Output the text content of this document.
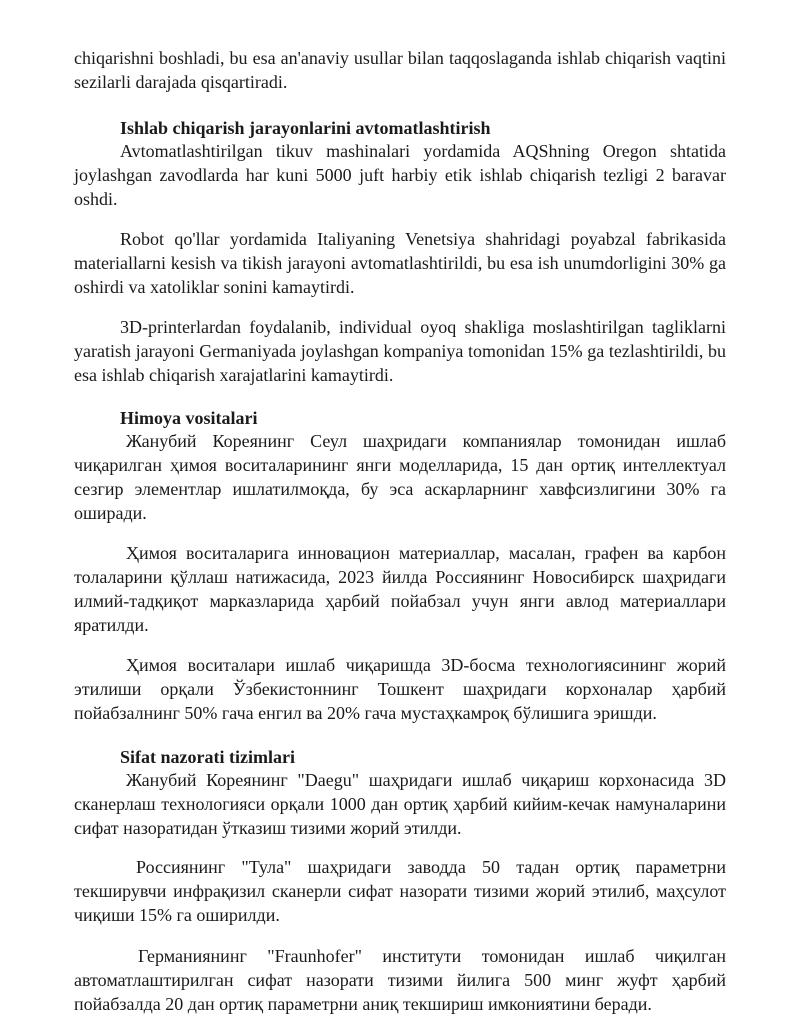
chiqarishni boshladi, bu esa an'anaviy usullar bilan taqqoslaganda ishlab chiqarish vaqtini
sezilarli darajada qisqartiradi.
Ishlab chiqarish jarayonlarini avtomatlashtirish
Avtomatlashtirilgan tikuv mashinalari yordamida AQShning Oregon shtatida
joylashgan zavodlarda har kuni 5000 juft harbiy etik ishlab chiqarish tezligi 2 baravar
oshdi.
Robot qo'llar yordamida Italiyaning Venetsiya shahridagi poyabzal fabrikasida
materiallarni kesish va tikish jarayoni avtomatlashtirildi, bu esa ish unumdorligini 30% ga
oshirdi va xatoliklar sonini kamaytirdi.
3D-printerlardan foydalanib, individual oyoq shakliga moslashtirilgan tagliklarni
yaratish jarayoni Germaniyada joylashgan kompaniya tomonidan 15% ga tezlashtirildi, bu
esa ishlab chiqarish xarajatlarini kamaytirdi.
Himoya vositalari
Жанубий Кореянинг Сеул шаҳридаги компаниялар томонидан ишлаб
чиқарилган ҳимоя воситаларининг янги моделларида, 15 дан ортиқ интеллектуал
сезгир элементлар ишлатилмоқда, бу эса аскарларнинг хавфсизлигини 30% га
оширади.
Ҳимоя воситаларига инновацион материаллар, масалан, графен ва карбон
толаларини қўллаш натижасида, 2023 йилда Россиянинг Новосибирск шаҳридаги
илмий-тадқиқот марказларида ҳарбий пойабзал учун янги авлод материаллари
яратилди.
Ҳимоя воситалари ишлаб чиқаришда 3D-босма технологиясининг жорий
этилиши орқали Ўзбекистоннинг Тошкент шаҳридаги корхоналар ҳарбий
пойабзалнинг 50% гача енгил ва 20% гача мустаҳкамроқ бўлишига эришди.
Sifat nazorati tizimlari
Жанубий Кореянинг "Daegu" шаҳридаги ишлаб чиқариш корхонасида 3D
сканерлаш технологияси орқали 1000 дан ортиқ ҳарбий кийим-кечак намуналарини
сифат назоратидан ўтказиш тизими жорий этилди.
Россиянинг "Тула" шаҳридаги заводда 50 тадан ортиқ параметрни
текширувчи инфрақизил сканерли сифат назорати тизими жорий этилиб, маҳсулот
чиқиши 15% га оширилди.
Германиянинг "Fraunhofer" институти томонидан ишлаб чиқилган
автоматлаштирилган сифат назорати тизими йилига 500 минг жуфт ҳарбий
пойабзалда 20 дан ортиқ параметрни аниқ текшириш имкониятини беради.
